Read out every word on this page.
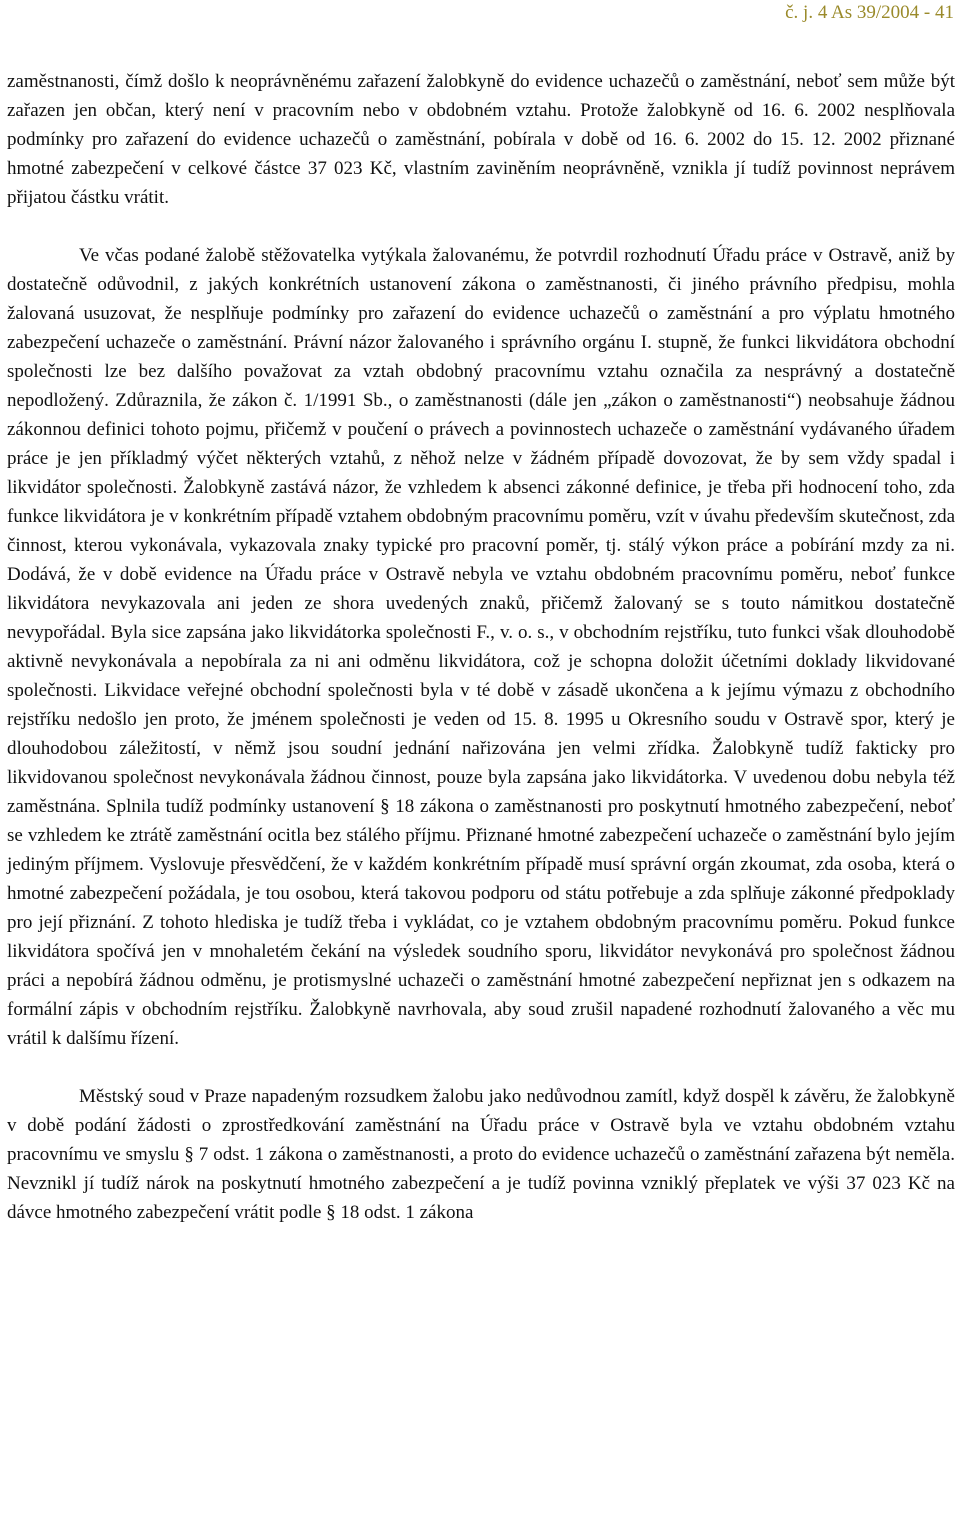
č. j. 4 As 39/2004 - 41

zaměstnanosti, čímž došlo k neoprávněnému zařazení žalobkyně do evidence uchazečů o zaměstnání, neboť sem může být zařazen jen občan, který není v pracovním nebo v obdobném vztahu. Protože žalobkyně od 16. 6. 2002 nesplňovala podmínky pro zařazení do evidence uchazečů o zaměstnání, pobírala v době od 16. 6. 2002 do 15. 12. 2002 přiznané hmotné zabezpečení v celkové částce 37 023 Kč, vlastním zaviněním neoprávněně, vznikla jí tudíž povinnost neprávem přijatou částku vrátit.

Ve včas podané žalobě stěžovatelka vytýkala žalovanému, že potvrdil rozhodnutí Úřadu práce v Ostravě, aniž by dostatečně odůvodnil, z jakých konkrétních ustanovení zákona o zaměstnanosti, či jiného právního předpisu, mohla žalovaná usuzovat, že nesplňuje podmínky pro zařazení do evidence uchazečů o zaměstnání a pro výplatu hmotného zabezpečení uchazeče o zaměstnání. Právní názor žalovaného i správního orgánu I. stupně, že funkci likvidátora obchodní společnosti lze bez dalšího považovat za vztah obdobný pracovnímu vztahu označila za nesprávný a dostatečně nepodložený. Zdůraznila, že zákon č. 1/1991 Sb., o zaměstnanosti (dále jen „zákon o zaměstnanosti“) neobsahuje žádnou zákonnou definici tohoto pojmu, přičemž v poučení o právech a povinnostech uchazeče o zaměstnání vydávaného úřadem práce je jen příkladmý výčet některých vztahů, z něhož nelze v žádném případě dovozovat, že by sem vždy spadal i likvidátor společnosti. Žalobkyně zastává názor, že vzhledem k absenci zákonné definice, je třeba při hodnocení toho, zda funkce likvidátora je v konkrétním případě vztahem obdobným pracovnímu poměru, vzít v úvahu především skutečnost, zda činnost, kterou vykonávala, vykazovala znaky typické pro pracovní poměr, tj. stálý výkon práce a pobírání mzdy za ni. Dodává, že v době evidence na Úřadu práce v Ostravě nebyla ve vztahu obdobném pracovnímu poměru, neboť funkce likvidátora nevykazovala ani jeden ze shora uvedených znaků, přičemž žalovaný se s touto námitkou dostatečně nevypořádal. Byla sice zapsána jako likvidátorka společnosti F., v. o. s., v obchodním rejstříku, tuto funkci však dlouhodobě aktivně nevykonávala a nepobírala za ni ani odměnu likvidátora, což je schopna doložit účetními doklady likvidované společnosti. Likvidace veřejné obchodní společnosti byla v té době v zásadě ukončena a k jejímu výmazu z obchodního rejstříku nedošlo jen proto, že jménem společnosti je veden od 15. 8. 1995 u Okresního soudu v Ostravě spor, který je dlouhodobou záležitostí, v němž jsou soudní jednání nařizována jen velmi zřídka. Žalobkyně tudíž fakticky pro likvidovanou společnost nevykonávala žádnou činnost, pouze byla zapsána jako likvidátorka. V uvedenou dobu nebyla též zaměstnána. Splnila tudíž podmínky ustanovení § 18 zákona o zaměstnanosti pro poskytnutí hmotného zabezpečení, neboť se vzhledem ke ztrátě zaměstnání ocitla bez stálého příjmu. Přiznané hmotné zabezpečení uchazeče o zaměstnání bylo jejím jediným příjmem. Vyslovuje přesvědčení, že v každém konkrétním případě musí správní orgán zkoumat, zda osoba, která o hmotné zabezpečení požádala, je tou osobou, která takovou podporu od státu potřebuje a zda splňuje zákonné předpoklady pro její přiznání. Z tohoto hlediska je tudíž třeba i vykládat, co je vztahem obdobným pracovnímu poměru. Pokud funkce likvidátora spočívá jen v mnohaletém čekání na výsledek soudního sporu, likvidátor nevykonává pro společnost žádnou práci a nepobírá žádnou odměnu, je protismyslné uchazeči o zaměstnání hmotné zabezpečení nepřiznat jen s odkazem na formální zápis v obchodním rejstříku. Žalobkyně navrhovala, aby soud zrušil napadené rozhodnutí žalovaného a věc mu vrátil k dalšímu řízení.

Městský soud v Praze napadeným rozsudkem žalobu jako nedůvodnou zamítl, když dospěl k závěru, že žalobkyně v době podání žádosti o zprostředkování zaměstnání na Úřadu práce v Ostravě byla ve vztahu obdobném vztahu pracovnímu ve smyslu § 7 odst. 1 zákona o zaměstnanosti, a proto do evidence uchazečů o zaměstnání zařazena být neměla. Nevznikl jí tudíž nárok na poskytnutí hmotného zabezpečení a je tudíž povinna vzniklý přeplatek ve výši 37 023 Kč na dávce hmotného zabezpečení vrátit podle § 18 odst. 1 zákona
